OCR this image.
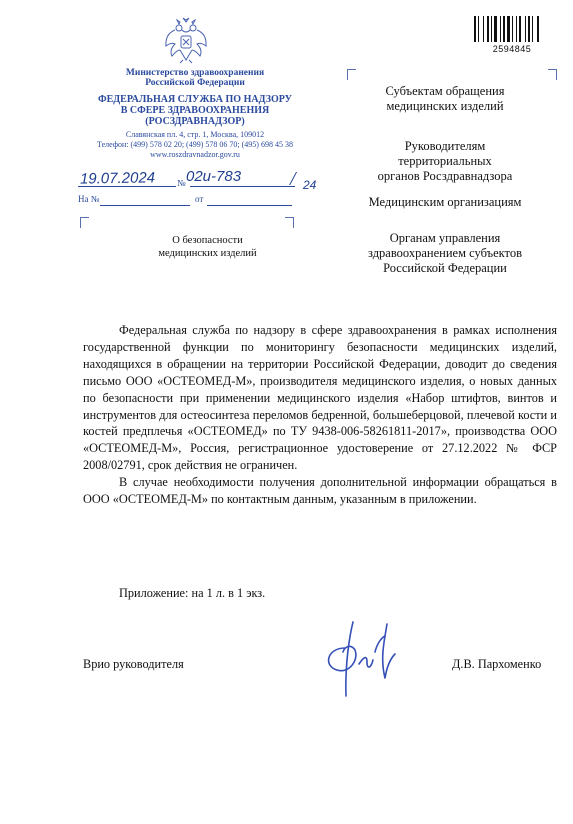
2594845
Министерство здравоохранения
Российской Федерации
ФЕДЕРАЛЬНАЯ СЛУЖБА ПО НАДЗОРУ
В СФЕРЕ ЗДРАВООХРАНЕНИЯ
(РОСЗДРАВНАДЗОР)
Славянская пл. 4, стр. 1, Москва, 109012
Телефон: (499) 578 02 20; (499) 578 06 70; (495) 698 45 38
www.roszdravnadzor.gov.ru
19.07.2024 № 02и-783 / 24
На №	от
О безопасности
медицинских изделий
Субъектам обращения
медицинских изделий
Руководителям
территориальных
органов Росздравнадзора
Медицинским организациям
Органам управления
здравоохранением субъектов
Российской Федерации

Федеральная служба по надзору в сфере здравоохранения в рамках исполнения государственной функции по мониторингу безопасности медицинских изделий, находящихся в обращении на территории Российской Федерации, доводит до сведения письмо ООО «ОСТЕОМЕД-М», производителя медицинского изделия, о новых данных по безопасности при применении медицинского изделия «Набор штифтов, винтов и инструментов для остеосинтеза переломов бедренной, большеберцовой, плечевой кости и костей предплечья «ОСТЕОМЕД» по ТУ 9438-006-58261811-2017», производства ООО «ОСТЕОМЕД-М», Россия, регистрационное удостоверение от 27.12.2022 № ФСР 2008/02791, срок действия не ограничен.

В случае необходимости получения дополнительной информации обращаться в ООО «ОСТЕОМЕД-М» по контактным данным, указанным в приложении.

Приложение: на 1 л. в 1 экз.
Врио руководителя	Д.В. Пархоменко
